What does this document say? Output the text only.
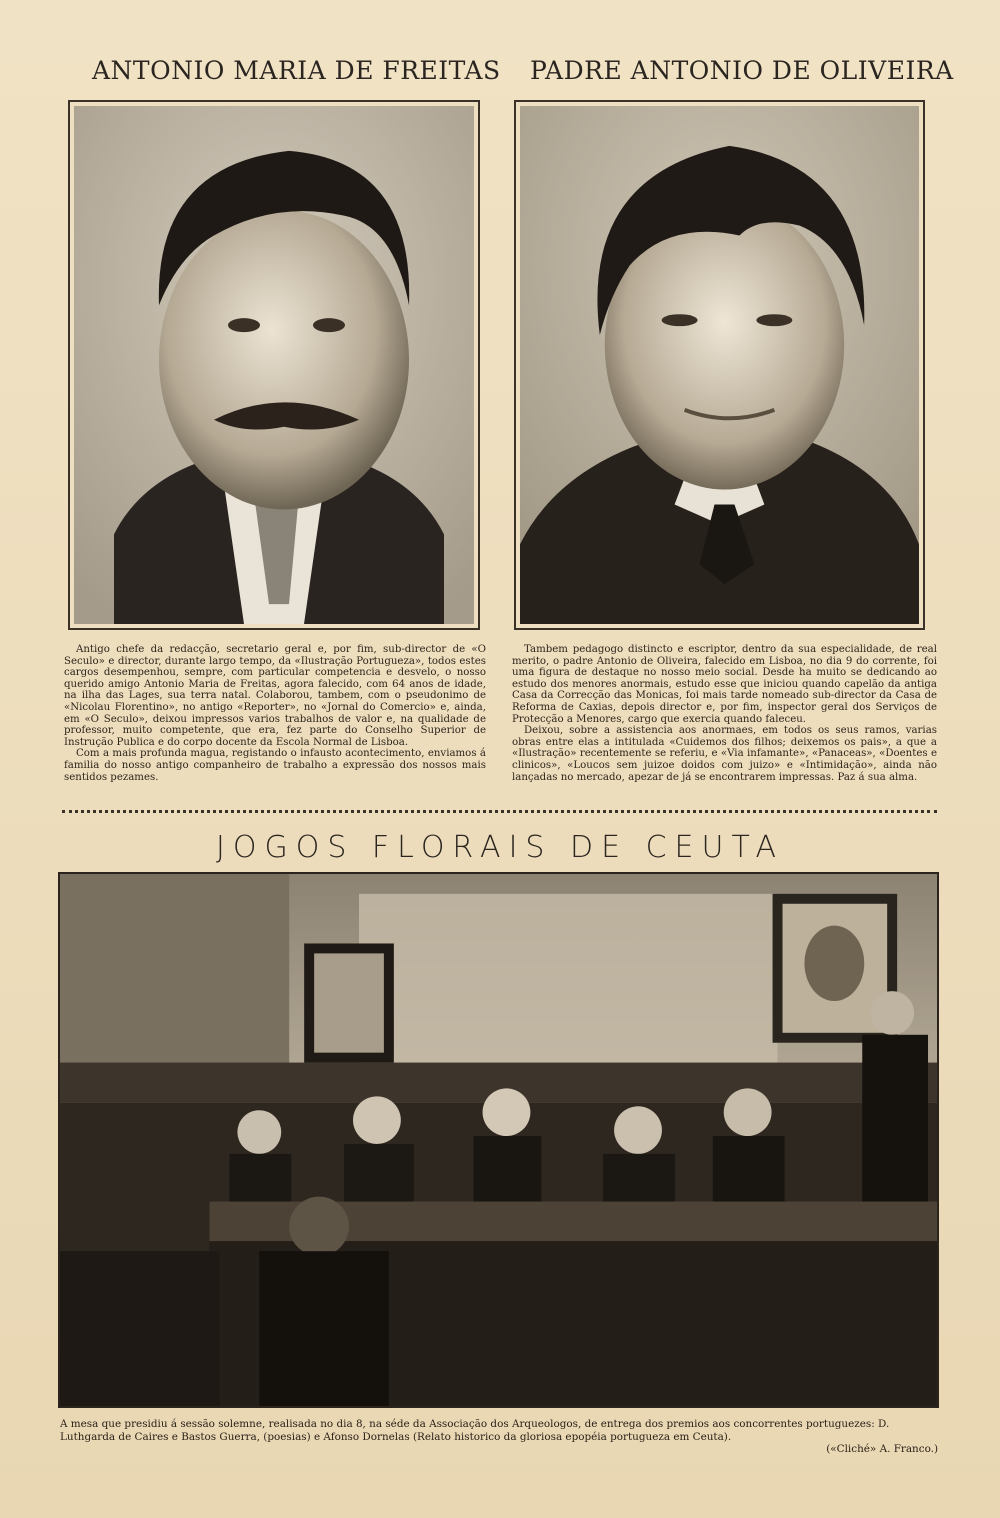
ANTONIO MARIA DE FREITAS PADRE ANTONIO DE OLIVEIRA

Antigo chefe da redacção, secretario geral e, por fim, sub-director de «O Seculo» e director, durante largo tempo, da «Ilustração Portugueza», todos estes cargos desempenhou, sempre, com particular competencia e desvelo, o nosso querido amigo Antonio Maria de Freitas, agora falecido, com 64 anos de idade, na ilha das Lages, sua terra natal. Colaborou, tambem, com o pseudonimo de «Nicolau Florentino», no antigo «Reporter», no «Jornal do Comercio» e, ainda, em «O Seculo», deixou impressos varios trabalhos de valor e, na qualidade de professor, muito competente, que era, fez parte do Conselho Superior de Instrução Publica e do corpo docente da Escola Normal de Lisboa.

Com a mais profunda magua, registando o infausto acontecimento, enviamos á familia do nosso antigo companheiro de trabalho a expressão dos nossos mais sentidos pezames.

Tambem pedagogo distincto e escriptor, dentro da sua especialidade, de real merito, o padre Antonio de Oliveira, falecido em Lisboa, no dia 9 do corrente, foi uma figura de destaque no nosso meio social. Desde ha muito se dedicando ao estudo dos menores anormais, estudo esse que iniciou quando capelão da antiga Casa da Correcção das Monicas, foi mais tarde nomeado sub-director da Casa de Reforma de Caxias, depois director e, por fim, inspector geral dos Serviços de Protecção a Menores, cargo que exercia quando faleceu.

Deixou, sobre a assistencia aos anormaes, em todos os seus ramos, varias obras entre elas a intitulada «Cuidemos dos filhos; deixemos os pais», a que a «Ilustração» recentemente se referiu, e «Via infamante», «Panaceas», «Doentes e clinicos», «Loucos sem juizoe doidos com juizo» e «Intimidação», ainda não lançadas no mercado, apezar de já se encontrarem impressas. Paz á sua alma.

JOGOS FLORAIS DE CEUTA
A mesa que presidiu á sessão solemne, realisada no dia 8, na séde da Associação dos Arqueologos, de entrega dos premios aos concorrentes portuguezes: D. Luthgarda de Caires e Bastos Guerra, (poesias) e Afonso Dornelas (Relato historico da gloriosa epopéia portugueza em Ceuta).
(«Cliché» A. Franco.)
